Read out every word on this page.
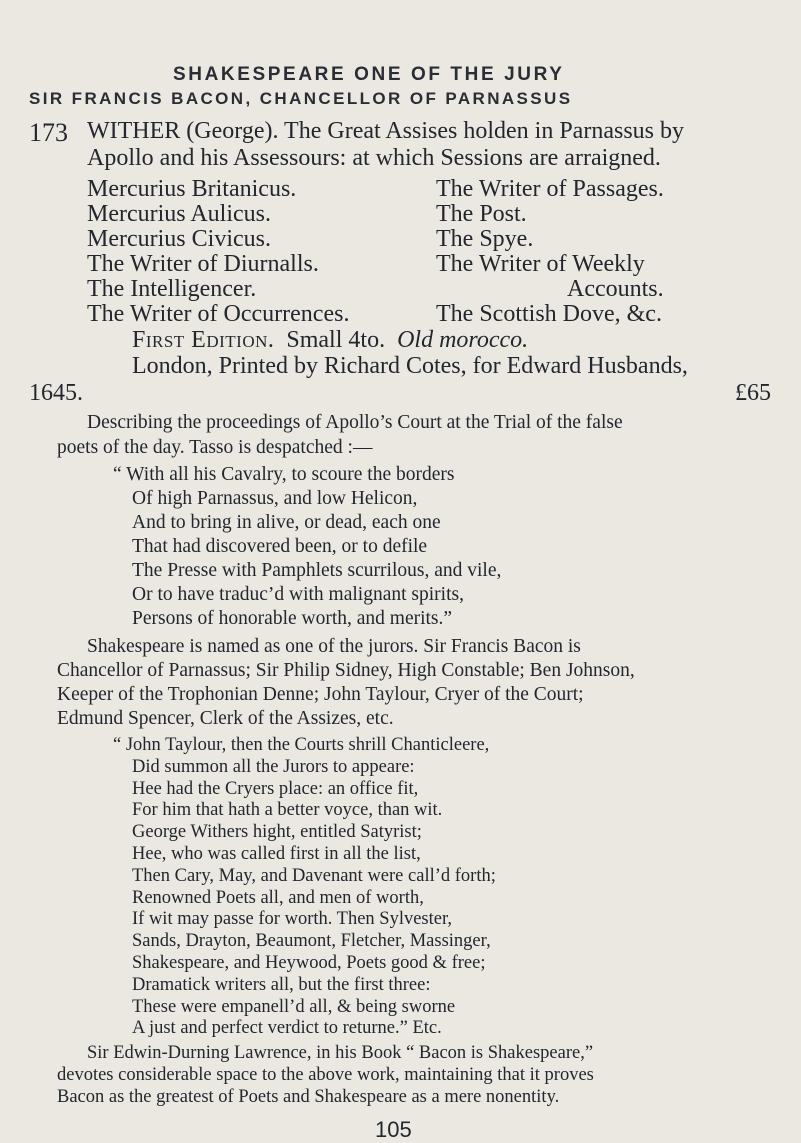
SHAKESPEARE ONE OF THE JURY
SIR FRANCIS BACON, CHANCELLOR OF PARNASSUS
173 WITHER (George). The Great Assises holden in Parnassus by
Apollo and his Assessours: at which Sessions are arraigned.
Mercurius Britanicus.
Mercurius Aulicus.
Mercurius Civicus.
The Writer of Diurnalls.
The Intelligencer.
The Writer of Occurrences.
The Writer of Passages.
The Post.
The Spye.
The Writer of Weekly
Accounts.
The Scottish Dove, &c.
First Edition. Small 4to. Old morocco.
London, Printed by Richard Cotes, for Edward Husbands,
1645.	£65
Describing the proceedings of Apollo’s Court at the Trial of the false
poets of the day. Tasso is despatched :—
“ With all his Cavalry, to scoure the borders
Of high Parnassus, and low Helicon,
And to bring in alive, or dead, each one
That had discovered been, or to defile
The Presse with Pamphlets scurrilous, and vile,
Or to have traduc’d with malignant spirits,
Persons of honorable worth, and merits.”
Shakespeare is named as one of the jurors. Sir Francis Bacon is
Chancellor of Parnassus; Sir Philip Sidney, High Constable; Ben Johnson,
Keeper of the Trophonian Denne; John Taylour, Cryer of the Court;
Edmund Spencer, Clerk of the Assizes, etc.
“ John Taylour, then the Courts shrill Chanticleere,
Did summon all the Jurors to appeare:
Hee had the Cryers place: an office fit,
For him that hath a better voyce, than wit.
George Withers hight, entitled Satyrist;
Hee, who was called first in all the list,
Then Cary, May, and Davenant were call’d forth;
Renowned Poets all, and men of worth,
If wit may passe for worth. Then Sylvester,
Sands, Drayton, Beaumont, Fletcher, Massinger,
Shakespeare, and Heywood, Poets good & free;
Dramatick writers all, but the first three:
These were empanell’d all, & being sworne
A just and perfect verdict to returne.” Etc.
Sir Edwin-Durning Lawrence, in his Book “ Bacon is Shakespeare,”
devotes considerable space to the above work, maintaining that it proves
Bacon as the greatest of Poets and Shakespeare as a mere nonentity.
105
